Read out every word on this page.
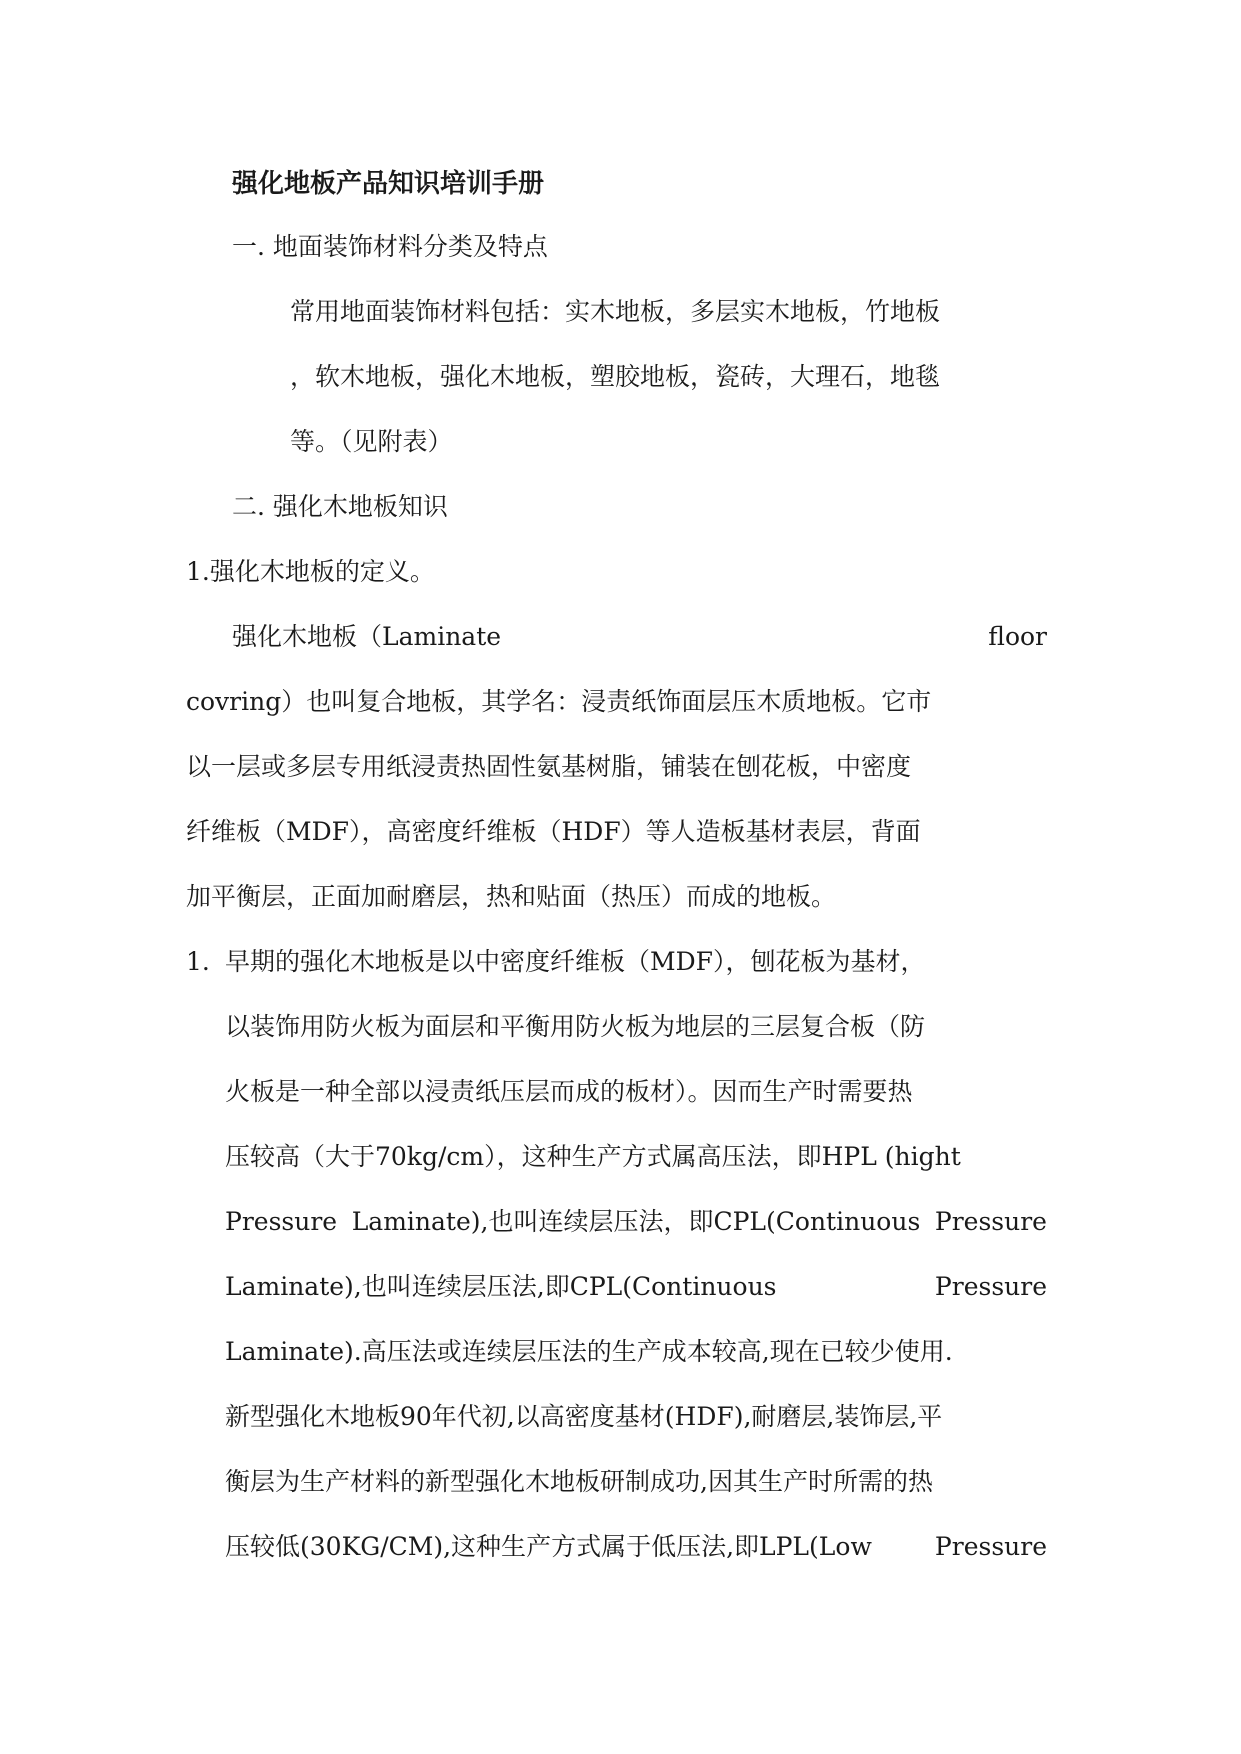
强化地板产品知识培训手册

一. 地面装饰材料分类及特点

常用地面装饰材料包括：实木地板，多层实木地板，竹地板

，软木地板，强化木地板，塑胶地板，瓷砖，大理石，地毯

等。（见附表）

二. 强化木地板知识

1.强化木地板的定义。

强化木地板（Laminate	floor

covring）也叫复合地板，其学名：浸责纸饰面层压木质地板。它市

以一层或多层专用纸浸责热固性氨基树脂，铺装在刨花板，中密度

纤维板（MDF），高密度纤维板（HDF）等人造板基材表层，背面

加平衡层，正面加耐磨层，热和贴面（热压）而成的地板。

1. 早期的强化木地板是以中密度纤维板（MDF），刨花板为基材，

以装饰用防火板为面层和平衡用防火板为地层的三层复合板（防

火板是一种全部以浸责纸压层而成的板材）。因而生产时需要热

压较高（大于70kg/cm），这种生产方式属高压法，即HPL (hight

Pressure Laminate),也叫连续层压法，即CPL(Continuous Pressure
Laminate),也叫连续层压法,即CPL(Continuous	Pressure

Laminate).高压法或连续层压法的生产成本较高,现在已较少使用.

新型强化木地板90年代初,以高密度基材(HDF),耐磨层,装饰层,平

衡层为生产材料的新型强化木地板研制成功,因其生产时所需的热

压较低(30KG/CM),这种生产方式属于低压法,即LPL(Low	Pressure
